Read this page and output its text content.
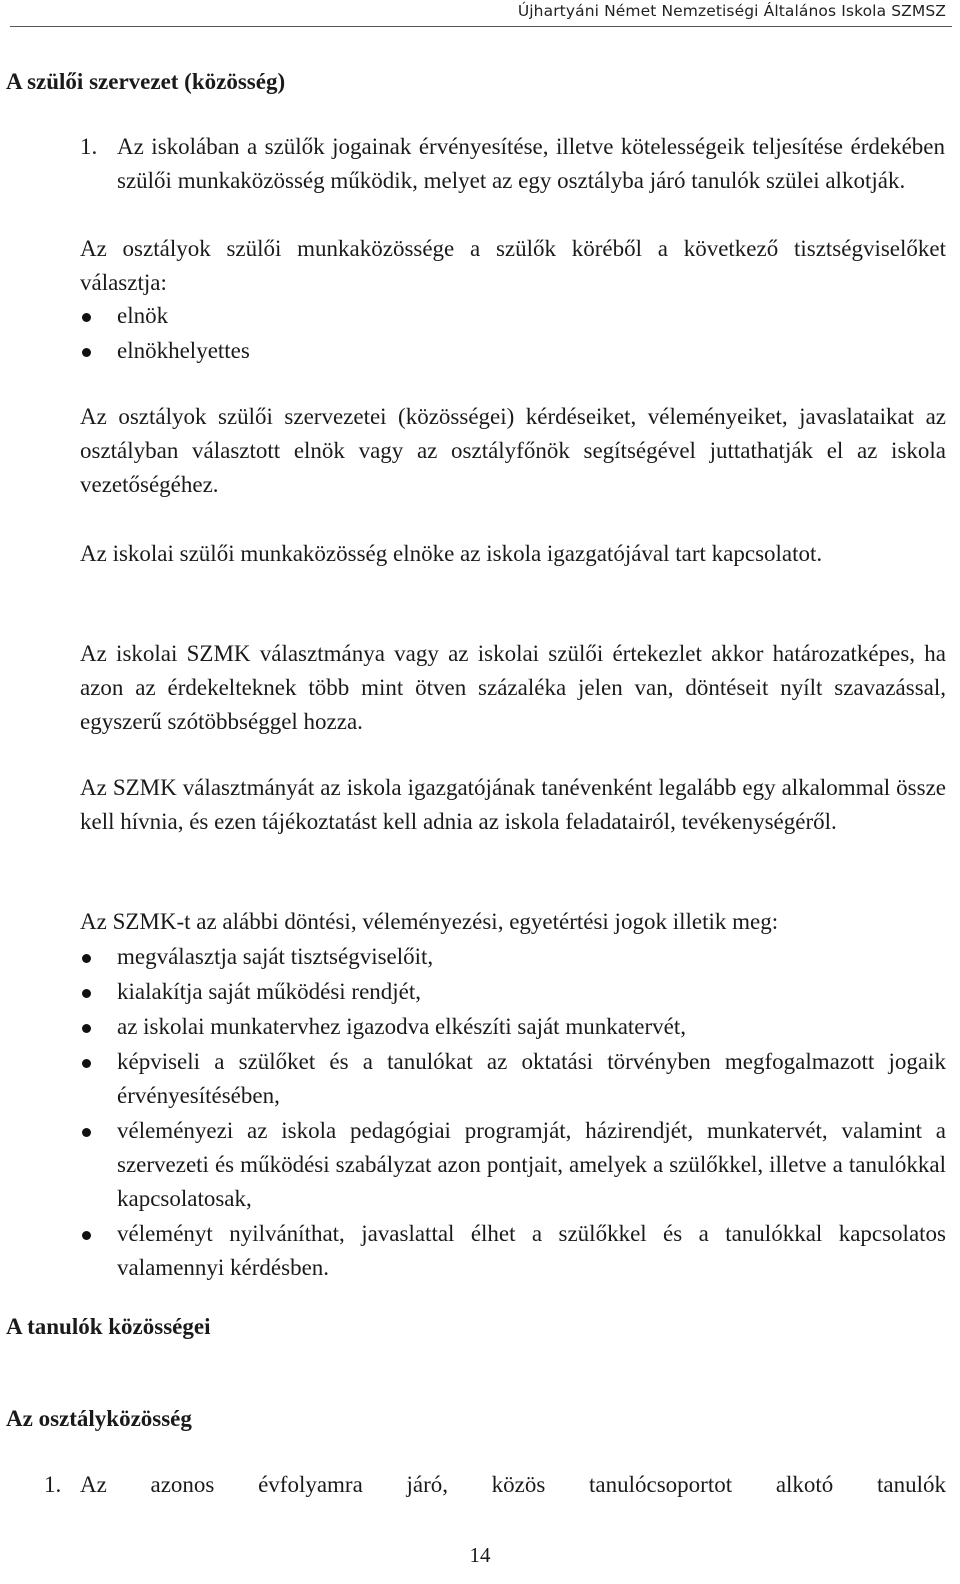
Újhartyáni Német Nemzetiségi Általános Iskola SZMSZ
A szülői szervezet (közösség)
1. Az iskolában a szülők jogainak érvényesítése, illetve kötelességeik teljesítése érdekében szülői munkaközösség működik, melyet az egy osztályba járó tanulók szülei alkotják.
Az osztályok szülői munkaközössége a szülők köréből a következő tisztségviselőket választja:
elnök
elnökhelyettes
Az osztályok szülői szervezetei (közösségei) kérdéseiket, véleményeiket, javaslataikat az osztályban választott elnök vagy az osztályfőnök segítségével juttathatják el az iskola vezetőségéhez.
Az iskolai szülői munkaközösség elnöke az iskola igazgatójával tart kapcsolatot.
Az iskolai SZMK választmánya vagy az iskolai szülői értekezlet akkor határozatképes, ha azon az érdekelteknek több mint ötven százaléka jelen van, döntéseit nyílt szavazással, egyszerű szótöbbséggel hozza.
Az SZMK választmányát az iskola igazgatójának tanévenként legalább egy alkalommal össze kell hívnia, és ezen tájékoztatást kell adnia az iskola feladatairól, tevékenységéről.
Az SZMK-t az alábbi döntési, véleményezési, egyetértési jogok illetik meg:
megválasztja saját tisztségviselőit,
kialakítja saját működési rendjét,
az iskolai munkatervhez igazodva elkészíti saját munkatervét,
képviseli a szülőket és a tanulókat az oktatási törvényben megfogalmazott jogaik érvényesítésében,
véleményezi az iskola pedagógiai programját, házirendjét, munkatervét, valamint a szervezeti és működési szabályzat azon pontjait, amelyek a szülőkkel, illetve a tanulókkal kapcsolatosak,
véleményt nyilváníthat, javaslattal élhet a szülőkkel és a tanulókkal kapcsolatos valamennyi kérdésben.
A tanulók közösségei
Az osztályközösség
1. Az azonos évfolyamra járó, közös tanulócsoportot alkotó tanulók
14
